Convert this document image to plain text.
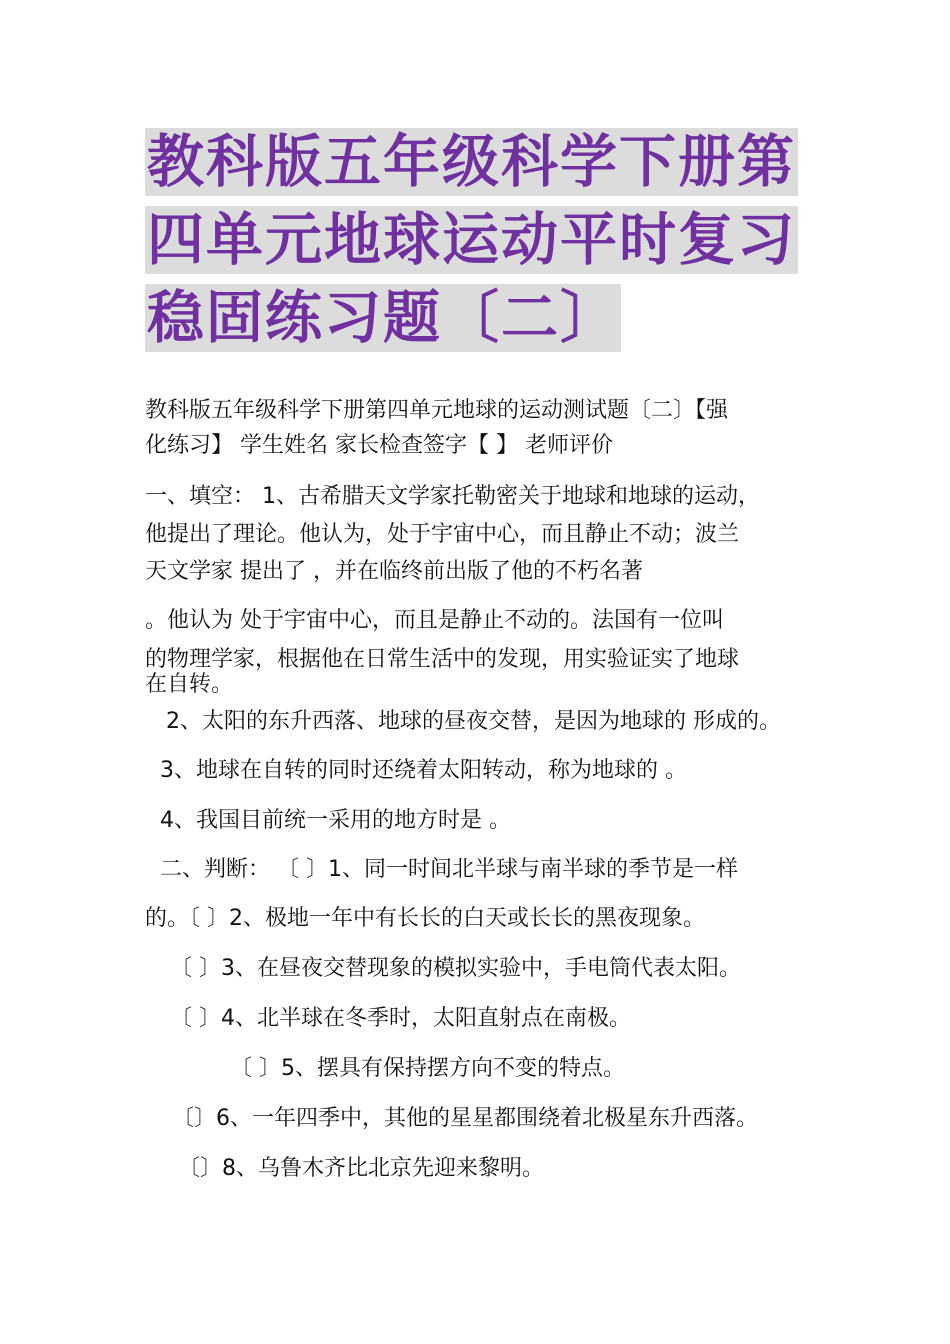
教科版五年级科学下册第
四单元地球运动平时复习
稳固练习题〔二〕
教科版五年级科学下册第四单元地球的运动测试题〔二〕【强
化练习】 学生姓名 家长检查签字【 】 老师评价
一、填空： 1、古希腊天文学家托勒密关于地球和地球的运动，
他提出了理论。他认为，处于宇宙中心，而且静止不动；波兰
天文学家 提出了 ，并在临终前出版了他的不朽名著
。他认为 处于宇宙中心，而且是静止不动的。法国有一位叫
的物理学家，根据他在日常生活中的发现，用实验证实了地球
在自转。
2、太阳的东升西落、地球的昼夜交替，是因为地球的 形成的。
3、地球在自转的同时还绕着太阳转动，称为地球的 。
4、我国目前统一采用的地方时是 。
二、判断： 〔 〕1、同一时间北半球与南半球的季节是一样
的。〔 〕2、极地一年中有长长的白天或长长的黑夜现象。
〔 〕3、在昼夜交替现象的模拟实验中，手电筒代表太阳。
〔 〕4、北半球在冬季时，太阳直射点在南极。
〔 〕5、摆具有保持摆方向不变的特点。
〔〕6、一年四季中，其他的星星都围绕着北极星东升西落。
〔〕8、乌鲁木齐比北京先迎来黎明。
